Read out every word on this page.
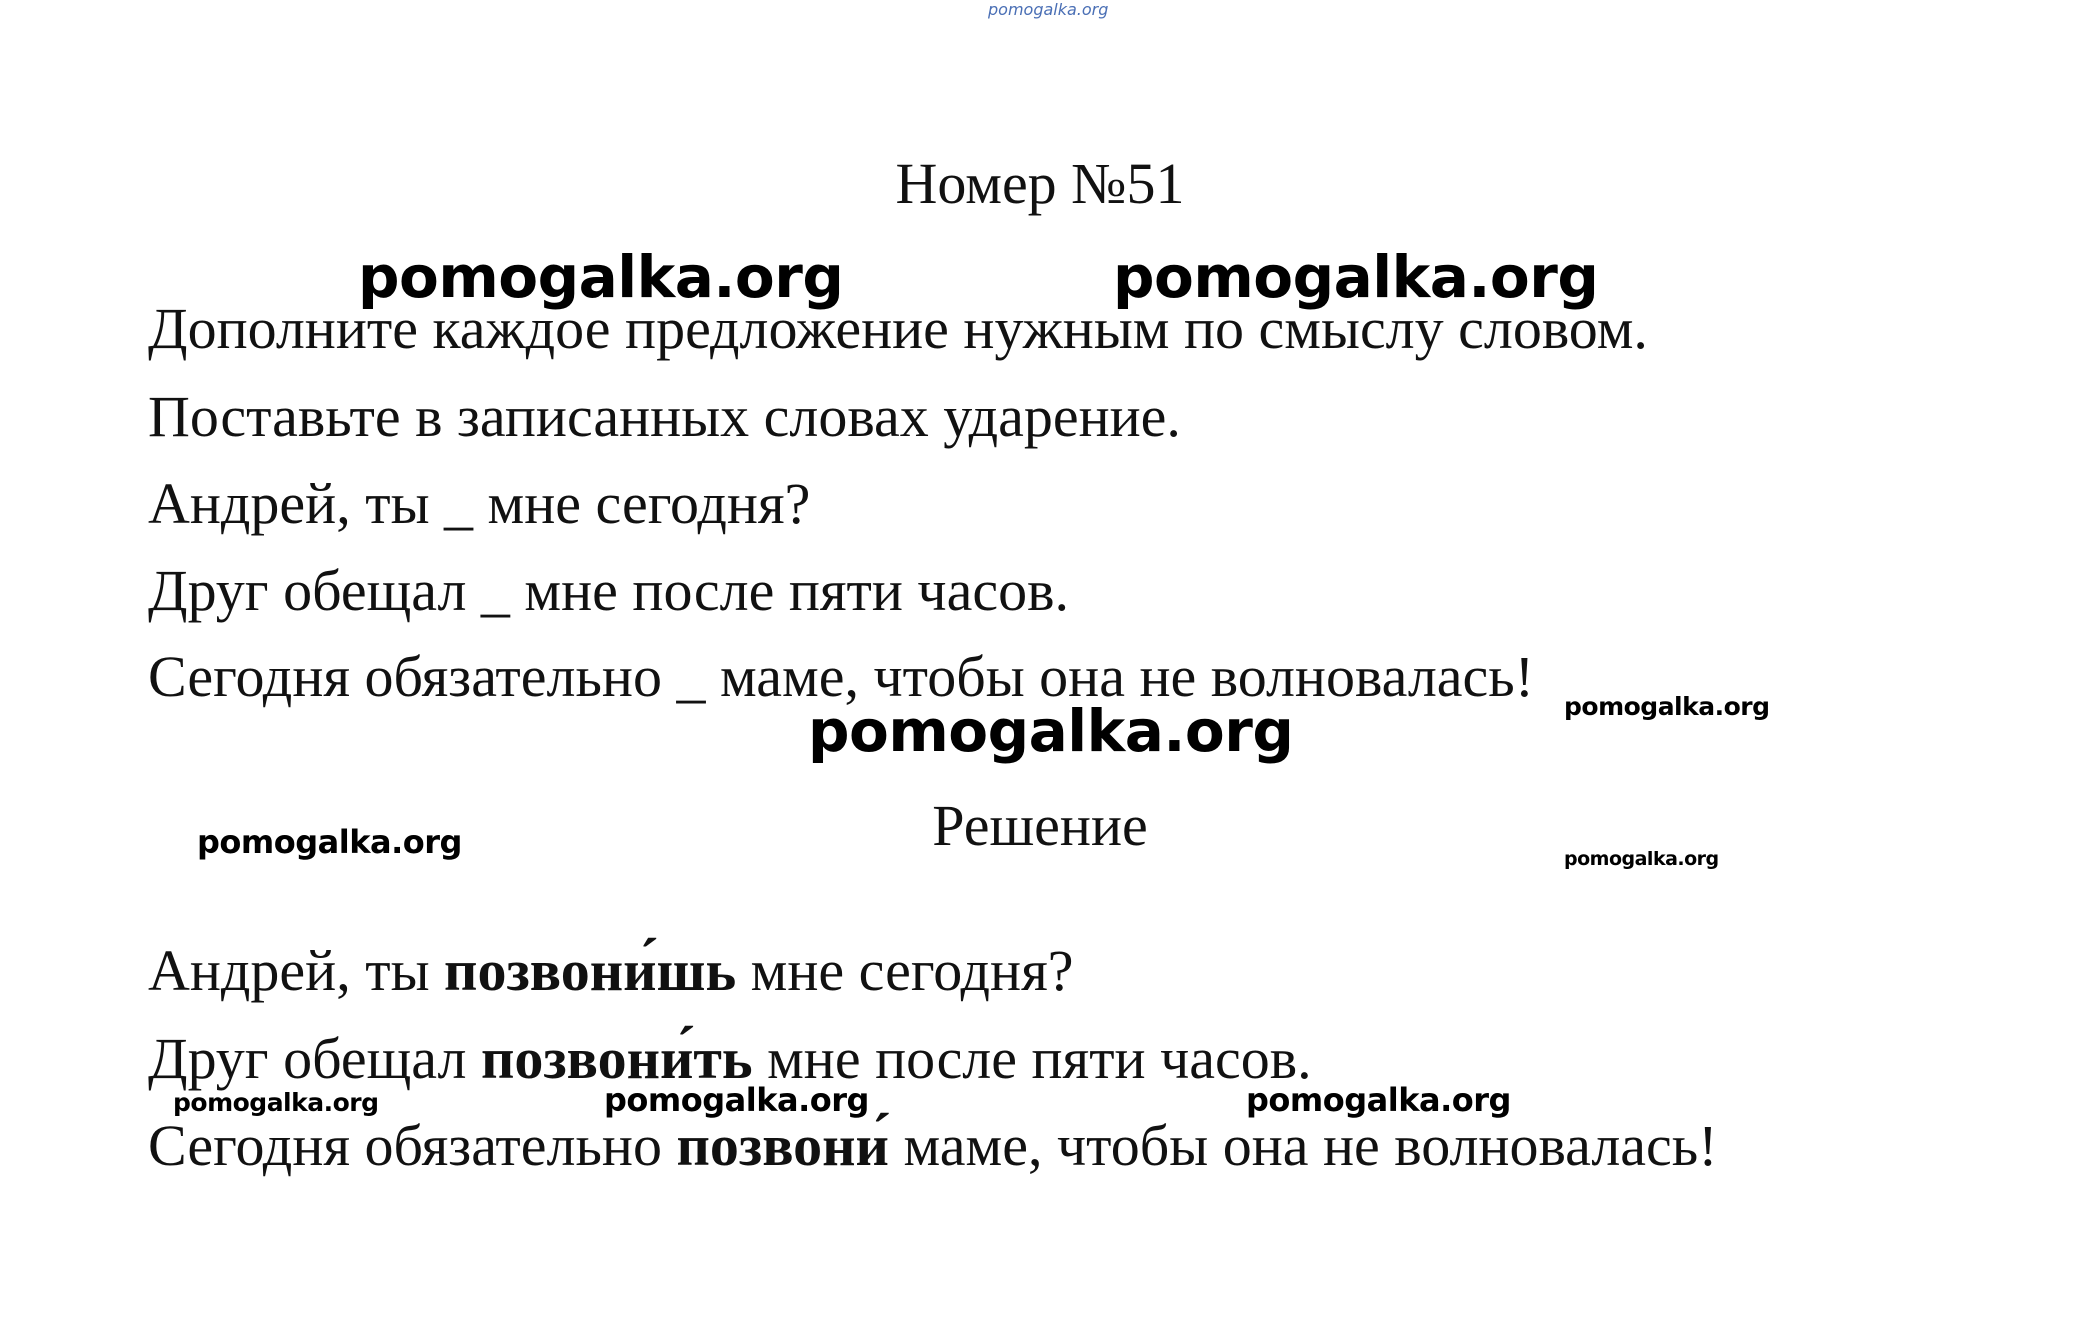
pomogalka.org
Номер №51
pomogalka.org	pomogalka.org
Дополните каждое предложение нужным по смыслу словом.
Поставьте в записанных словах ударение.
Андрей, ты _ мне сегодня?
Друг обещал _ мне после пяти часов.
Сегодня обязательно _ маме, чтобы она не волновалась! pomogalka.org
pomogalka.org
Решение
pomogalka.org	pomogalka.org
Андрей, ты позвони́шь мне сегодня?
Друг обещал позвони́ть мне после пяти часов.
pomogalka.org	pomogalka.org	pomogalka.org
Сегодня обязательно позвони́ маме, чтобы она не волновалась!
